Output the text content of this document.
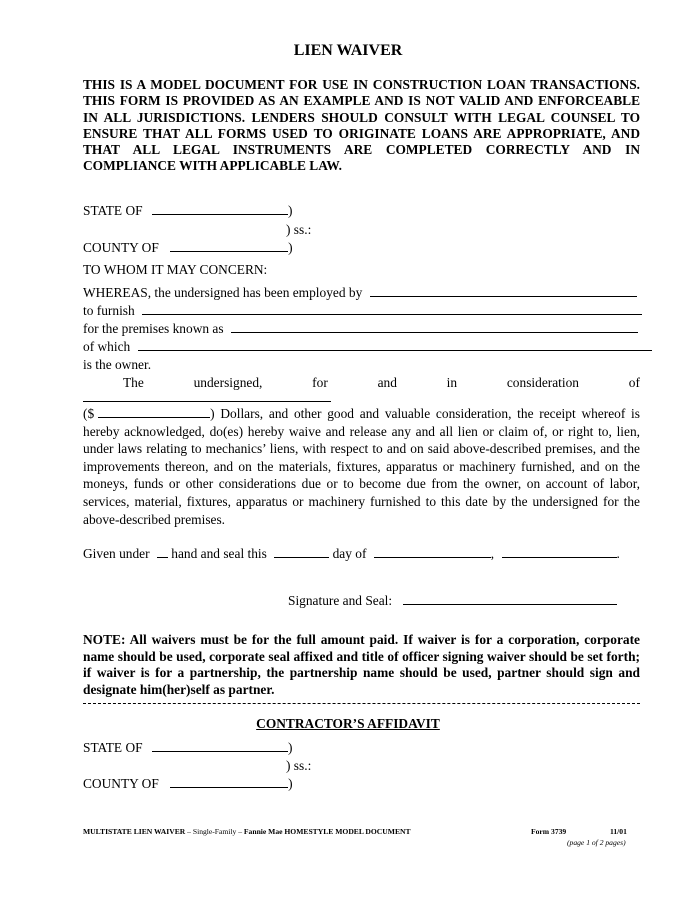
LIEN WAIVER
THIS IS A MODEL DOCUMENT FOR USE IN CONSTRUCTION LOAN TRANSACTIONS. THIS FORM IS PROVIDED AS AN EXAMPLE AND IS NOT VALID AND ENFORCEABLE IN ALL JURISDICTIONS. LENDERS SHOULD CONSULT WITH LEGAL COUNSEL TO ENSURE THAT ALL FORMS USED TO ORIGINATE LOANS ARE APPROPRIATE, AND THAT ALL LEGAL INSTRUMENTS ARE COMPLETED CORRECTLY AND IN COMPLIANCE WITH APPLICABLE LAW.
STATE OF	)
) ss.:
COUNTY OF	)
TO WHOM IT MAY CONCERN:
WHEREAS, the undersigned has been employed by
to furnish
for the premises known as
of which
is the owner.
The	undersigned,	for	and	in	consideration	of
($	) Dollars, and other good and valuable consideration, the receipt whereof is hereby acknowledged, do(es) hereby waive and release any and all lien or claim of, or right to, lien, under laws relating to mechanics’ liens, with respect to and on said above-described premises, and the improvements thereon, and on the materials, fixtures, apparatus or machinery furnished, and on the moneys, funds or other considerations due or to become due from the owner, on account of labor, services, material, fixtures, apparatus or machinery furnished to this date by the undersigned for the above-described premises.
Given under hand and seal this	day of	,	.
Signature and Seal:
NOTE: All waivers must be for the full amount paid. If waiver is for a corporation, corporate name should be used, corporate seal affixed and title of officer signing waiver should be set forth; if waiver is for a partnership, the partnership name should be used, partner should sign and designate him(her)self as partner.
CONTRACTOR’S AFFIDAVIT
STATE OF	)
) ss.:
COUNTY OF	)
MULTISTATE LIEN WAIVER – Single-Family – Fannie Mae HOMESTYLE MODEL DOCUMENT	Form 3739	11/01
(page 1 of 2 pages)
